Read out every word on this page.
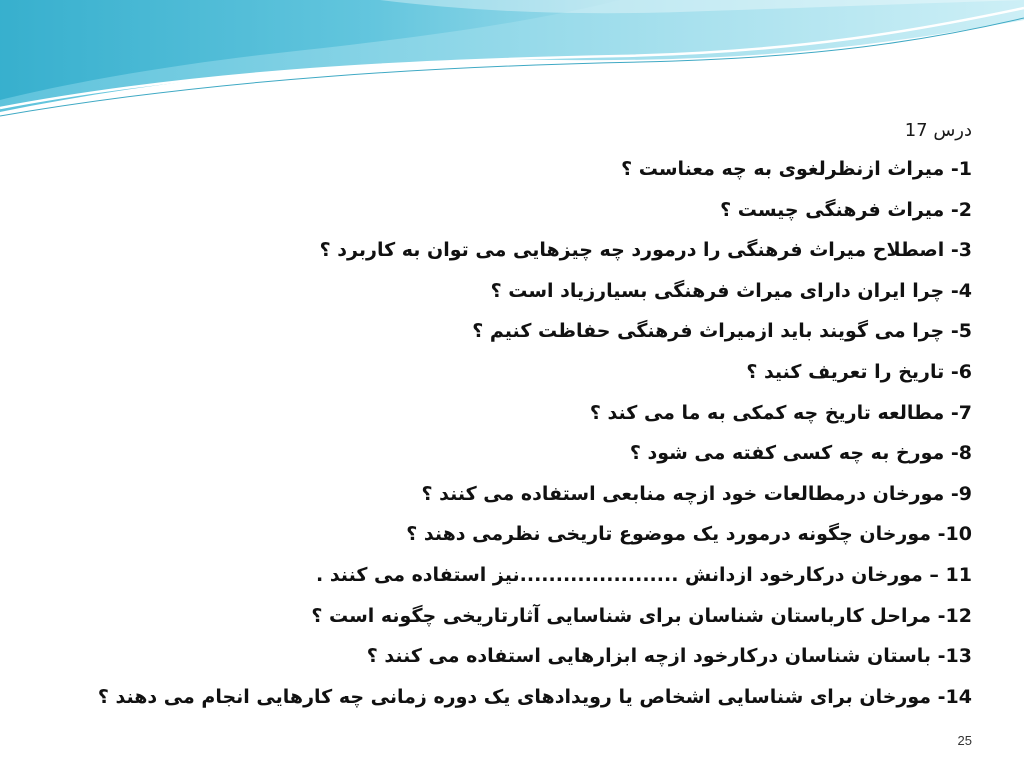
درس 17
1- میراث ازنظرلغوی به چه معناست ؟
2- میراث فرهنگی چیست ؟
3- اصطلاح میراث فرهنگی را درمورد چه چیزهایی می توان به کاربرد ؟
4- چرا ایران دارای میراث فرهنگی بسیارزیاد است ؟
5- چرا می گویند باید ازمیراث فرهنگی حفاظت کنیم ؟
6- تاریخ را تعریف کنید ؟
7- مطالعه تاریخ چه کمکی به ما می کند ؟
8- مورخ به چه کسی کفته می شود ؟
9- مورخان درمطالعات خود ازچه منابعی استفاده می کنند ؟
10- مورخان چگونه درمورد یک موضوع تاریخی نظرمی دهند ؟
11 – مورخان درکارخود ازدانش ......................نیز استفاده می کنند .
12- مراحل کارباستان شناسان برای شناسایی آثارتاریخی چگونه است ؟
13- باستان شناسان درکارخود ازچه ابزارهایی استفاده می کنند ؟
14- مورخان برای شناسایی اشخاص یا رویدادهای یک دوره زمانی چه کارهایی انجام می دهند ؟
25
